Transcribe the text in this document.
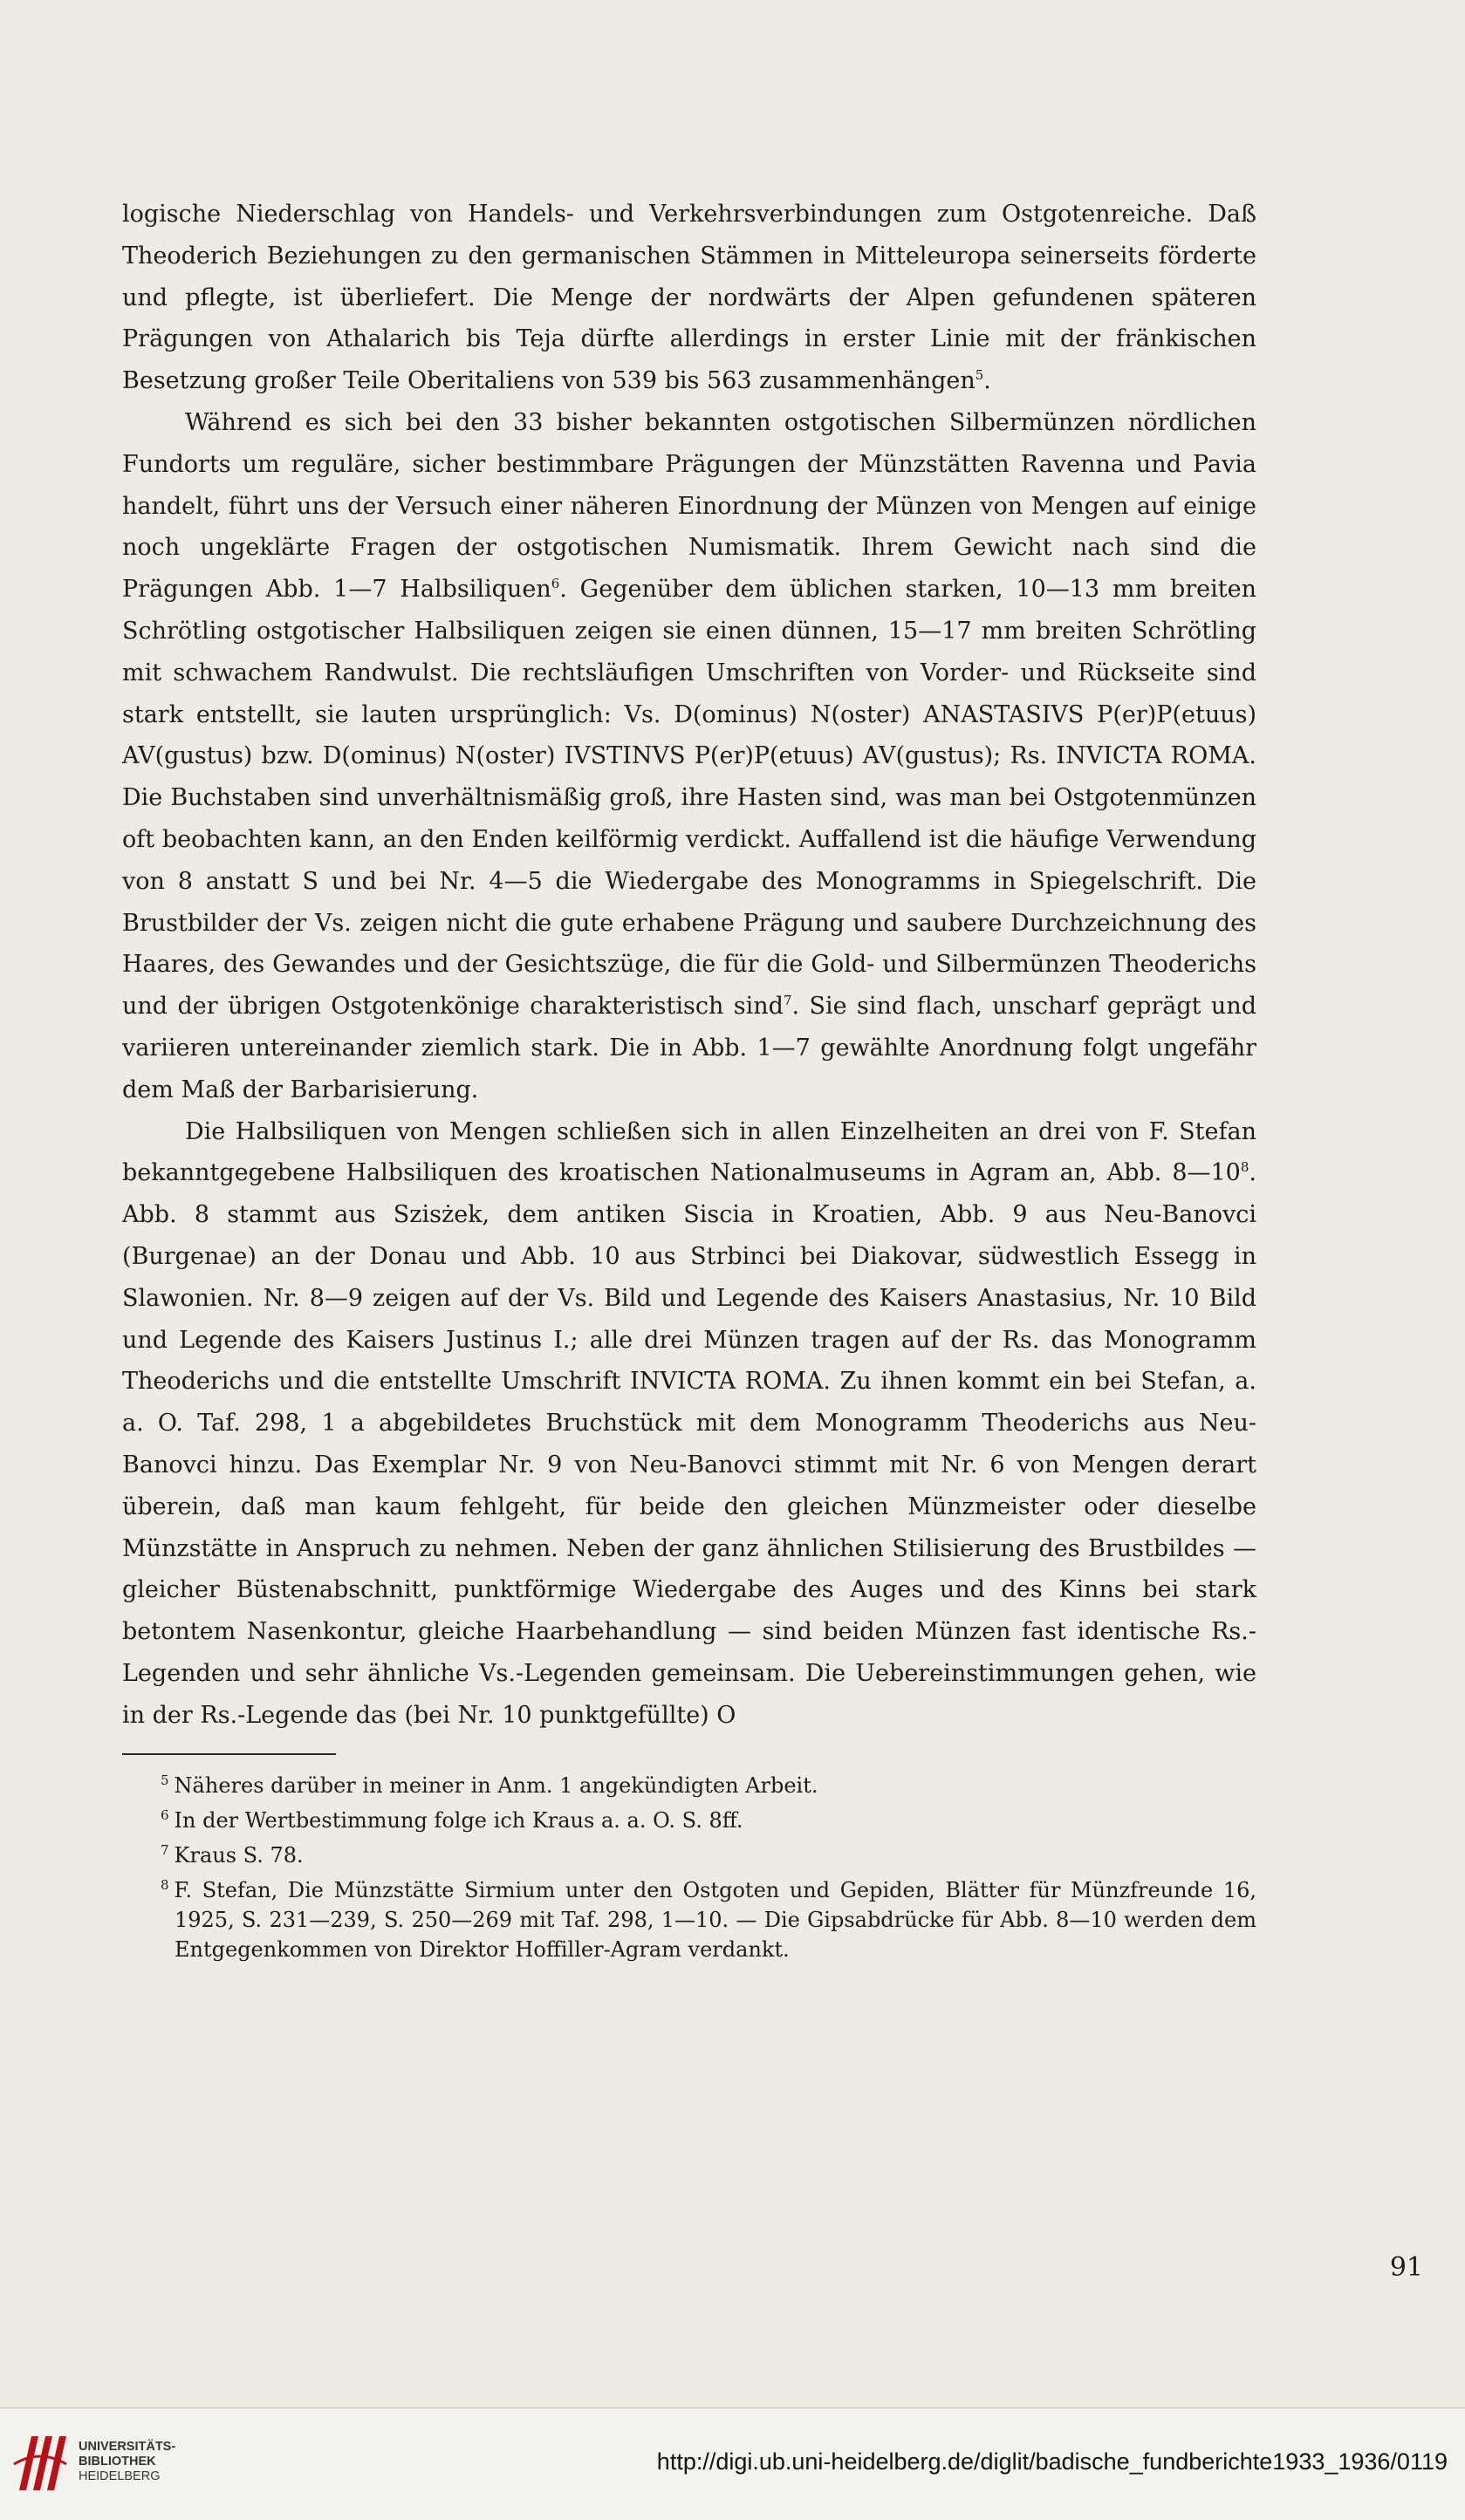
logische Niederschlag von Handels- und Verkehrsverbindungen zum Ostgotenreiche. Daß Theoderich Beziehungen zu den germanischen Stämmen in Mitteleuropa seinerseits förderte und pflegte, ist überliefert. Die Menge der nordwärts der Alpen gefundenen späteren Prägungen von Athalarich bis Teja dürfte allerdings in erster Linie mit der fränkischen Besetzung großer Teile Oberitaliens von 539 bis 563 zusammenhängen$^5$.

Während es sich bei den 33 bisher bekannten ostgotischen Silbermünzen nördlichen Fundorts um reguläre, sicher bestimmbare Prägungen der Münzstätten Ravenna und Pavia handelt, führt uns der Versuch einer näheren Einordnung der Münzen von Mengen auf einige noch ungeklärte Fragen der ostgotischen Numismatik. Ihrem Gewicht nach sind die Prägungen Abb. 1—7 Halbsiliquen$^6$. Gegenüber dem üblichen starken, 10—13 mm breiten Schrötling ostgotischer Halbsiliquen zeigen sie einen dünnen, 15—17 mm breiten Schrötling mit schwachem Randwulst. Die rechtsläufigen Umschriften von Vorder- und Rückseite sind stark entstellt, sie lauten ursprünglich: Vs. D(ominus) N(oster) ANASTASIVS P(er)P(etuus) AV(gustus) bzw. D(ominus) N(oster) IVSTINVS P(er)P(etuus) AV(gustus); Rs. INVICTA ROMA. Die Buchstaben sind unverhältnismäßig groß, ihre Hasten sind, was man bei Ostgotenmünzen oft beobachten kann, an den Enden keilförmig verdickt. Auffallend ist die häufige Verwendung von 8 anstatt S und bei Nr. 4—5 die Wiedergabe des Monogramms in Spiegelschrift. Die Brustbilder der Vs. zeigen nicht die gute erhabene Prägung und saubere Durchzeichnung des Haares, des Gewandes und der Gesichtszüge, die für die Gold- und Silbermünzen Theoderichs und der übrigen Ostgotenkönige charakteristisch sind$^7$. Sie sind flach, unscharf geprägt und variieren untereinander ziemlich stark. Die in Abb. 1—7 gewählte Anordnung folgt ungefähr dem Maß der Barbarisierung.

Die Halbsiliquen von Mengen schließen sich in allen Einzelheiten an drei von F. Stefan bekanntgegebene Halbsiliquen des kroatischen Nationalmuseums in Agram an, Abb. $8—10^8$. Abb. 8 stammt aus Szisżek, dem antiken Siscia in Kroatien, Abb. 9 aus Neu-Banovci (Burgenae) an der Donau und Abb. 10 aus Strbinci bei Diakovar, südwestlich Essegg in Slawonien. Nr. 8—9 zeigen auf der Vs. Bild und Legende des Kaisers Anastasius, Nr. 10 Bild und Legende des Kaisers Justinus I.; alle drei Münzen tragen auf der Rs. das Monogramm Theoderichs und die entstellte Umschrift INVICTA ROMA. Zu ihnen kommt ein bei Stefan, a. a. O. Taf. 298, 1 a abgebildetes Bruchstück mit dem Monogramm Theoderichs aus Neu-Banovci hinzu. Das Exemplar Nr. 9 von Neu-Banovci stimmt mit Nr. 6 von Mengen derart überein, daß man kaum fehlgeht, für beide den gleichen Münzmeister oder dieselbe Münzstätte in Anspruch zu nehmen. Neben der ganz ähnlichen Stilisierung des Brustbildes — gleicher Büstenabschnitt, punktförmige Wiedergabe des Auges und des Kinns bei stark betontem Nasenkontur, gleiche Haarbehandlung — sind beiden Münzen fast identische Rs.-Legenden und sehr ähnliche Vs.-Legenden gemeinsam. Die Uebereinstimmungen gehen, wie in der Rs.-Legende das (bei Nr. 10 punktgefüllte) O

$^5$ Näheres darüber in meiner in Anm. 1 angekündigten Arbeit.

$^6$ In der Wertbestimmung folge ich Kraus a. a. O. S. 8ff.

$^7$ Kraus S. 78.

$^8$ F. Stefan, Die Münzstätte Sirmium unter den Ostgoten und Gepiden, Blätter für Münzfreunde 16, 1925, S. 231—239, S. 250—269 mit Taf. 298, 1—10. — Die Gipsabdrücke für Abb. 8—10 werden dem Entgegenkommen von Direktor Hoffiller-Agram verdankt.

91
UNIVERSITÄTS-
BIBLIOTHEK
HEIDELBERG
http://digi.ub.uni-heidelberg.de/diglit/badische_fundberichte1933_1936/0119
